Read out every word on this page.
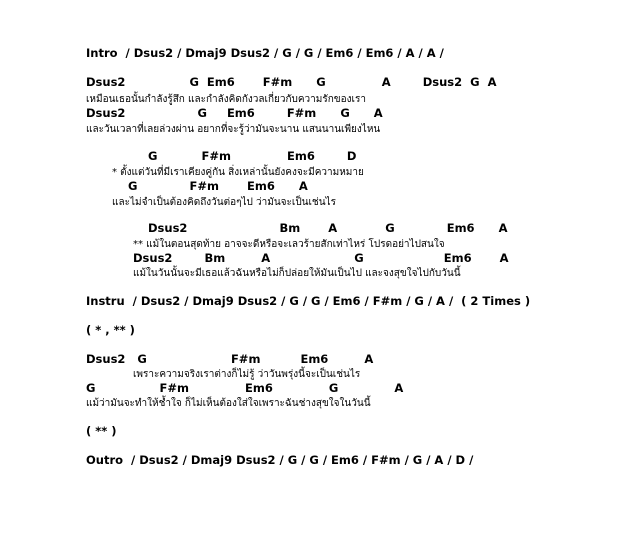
Intro  / Dsus2 / Dmaj9 Dsus2 / G / G / Em6 / Em6 / A / A /
Dsus2                G  Em6       F#m      G              A        Dsus2  G  A
เหมือนเธอนั้นกำลังรู้สึก และกำลังคิดกังวลเกี่ยวกับความรักของเรา
Dsus2                  G     Em6        F#m      G      A
และวันเวลาที่เลยล่วงผ่าน อยากที่จะรู้ว่ามันจะนาน แสนนานเพียงไหน
G           F#m              Em6        D
* ตั้งแต่วันที่มีเราเคียงคู่กัน สิ่งเหล่านั้นยังคงจะมีความหมาย
G             F#m       Em6      A
และไม่จำเป็นต้องคิดถึงวันต่อๆไป ว่ามันจะเป็นเช่นไร
Dsus2                       Bm       A            G             Em6      A
** แม้ในตอนสุดท้าย อาจจะดีหรือจะเลวร้ายสักเท่าไหร่ โปรดอย่าไปสนใจ
Dsus2        Bm         A                     G                    Em6       A
แม้ในวันนั้นจะมีเธอแล้วฉันหรือไม่ก็ปล่อยให้มันเป็นไป และจงสุขใจไปกับวันนี้
Instru  / Dsus2 / Dmaj9 Dsus2 / G / G / Em6 / F#m / G / A /  ( 2 Times )
( * , ** )
Dsus2   G                     F#m          Em6         A
เพราะความจริงเราต่างก็ไม่รู้ ว่าวันพรุ่งนี้จะเป็นเช่นไร
G                F#m              Em6              G              A
แม้ว่ามันจะทำให้ช้ำใจ ก็ไม่เห็นต้องใส่ใจเพราะฉันช่างสุขใจในวันนี้
( ** )
Outro  / Dsus2 / Dmaj9 Dsus2 / G / G / Em6 / F#m / G / A / D /
